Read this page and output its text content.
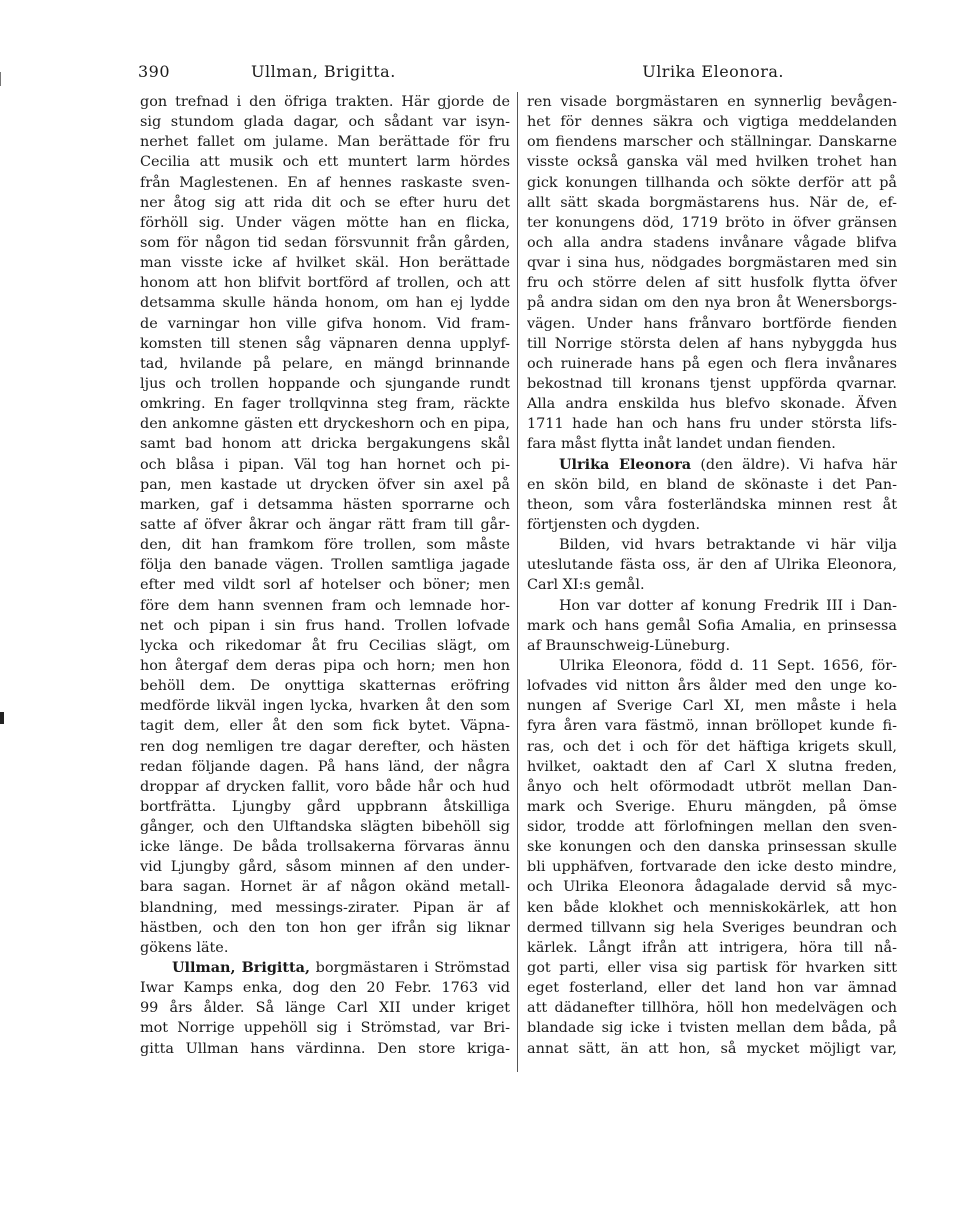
390	Ullman, Brigitta.	Ulrika Eleonora.
gon trefnad i den öfriga trakten. Här gjorde de
sig stundom glada dagar, och sådant var isyn-
nerhet fallet om julame. Man berättade för fru
Cecilia att musik och ett muntert larm hördes
från Maglestenen. En af hennes raskaste sven-
ner åtog sig att rida dit och se efter huru det
förhöll sig. Under vägen mötte han en flicka,
som för någon tid sedan försvunnit från gården,
man visste icke af hvilket skäl. Hon berättade
honom att hon blifvit bortförd af trollen, och att
detsamma skulle hända honom, om han ej lydde
de varningar hon ville gifva honom. Vid fram-
komsten till stenen såg väpnaren denna upplyf-
tad, hvilande på pelare, en mängd brinnande
ljus och trollen hoppande och sjungande rundt
omkring. En fager trollqvinna steg fram, räckte
den ankomne gästen ett dryckeshorn och en pipa,
samt bad honom att dricka bergakungens skål
och blåsa i pipan. Väl tog han hornet och pi-
pan, men kastade ut drycken öfver sin axel på
marken, gaf i detsamma hästen sporrarne och
satte af öfver åkrar och ängar rätt fram till går-
den, dit han framkom före trollen, som måste
följa den banade vägen. Trollen samtliga jagade
efter med vildt sorl af hotelser och böner; men
före dem hann svennen fram och lemnade hor-
net och pipan i sin frus hand. Trollen lofvade
lycka och rikedomar åt fru Cecilias slägt, om
hon återgaf dem deras pipa och horn; men hon
behöll dem. De onyttiga skatternas eröfring
medförde likväl ingen lycka, hvarken åt den som
tagit dem, eller åt den som fick bytet. Väpna-
ren dog nemligen tre dagar derefter, och hästen
redan följande dagen. På hans länd, der några
droppar af drycken fallit, voro både hår och hud
bortfrätta. Ljungby gård uppbrann åtskilliga
gånger, och den Ulftandska slägten bibehöll sig
icke länge. De båda trollsakerna förvaras ännu
vid Ljungby gård, såsom minnen af den under-
bara sagan. Hornet är af någon okänd metall-
blandning, med messings-zirater. Pipan är af
hästben, och den ton hon ger ifrån sig liknar
gökens läte.
Ullman, Brigitta, borgmästaren i Strömstad
Iwar Kamps enka, dog den 20 Febr. 1763 vid
99 års ålder. Så länge Carl XII under kriget
mot Norrige uppehöll sig i Strömstad, var Bri-
gitta Ullman hans värdinna. Den store kriga-
ren visade borgmästaren en synnerlig bevågen-
het för dennes säkra och vigtiga meddelanden
om fiendens marscher och ställningar. Danskarne
visste också ganska väl med hvilken trohet han
gick konungen tillhanda och sökte derför att på
allt sätt skada borgmästarens hus. När de, ef-
ter konungens död, 1719 bröto in öfver gränsen
och alla andra stadens invånare vågade blifva
qvar i sina hus, nödgades borgmästaren med sin
fru och större delen af sitt husfolk flytta öfver
på andra sidan om den nya bron åt Wenersborgs-
vägen. Under hans frånvaro bortförde fienden
till Norrige största delen af hans nybyggda hus
och ruinerade hans på egen och flera invånares
bekostnad till kronans tjenst uppförda qvarnar.
Alla andra enskilda hus blefvo skonade. Äfven
1711 hade han och hans fru under största lifs-
fara måst flytta inåt landet undan fienden.
Ulrika Eleonora (den äldre). Vi hafva här
en skön bild, en bland de skönaste i det Pan-
theon, som våra fosterländska minnen rest åt
förtjensten och dygden.
Bilden, vid hvars betraktande vi här vilja
uteslutande fästa oss, är den af Ulrika Eleonora,
Carl XI:s gemål.
Hon var dotter af konung Fredrik III i Dan-
mark och hans gemål Sofia Amalia, en prinsessa
af Braunschweig-Lüneburg.
Ulrika Eleonora, född d. 11 Sept. 1656, för-
lofvades vid nitton års ålder med den unge ko-
nungen af Sverige Carl XI, men måste i hela
fyra åren vara fästmö, innan bröllopet kunde fi-
ras, och det i och för det häftiga krigets skull,
hvilket, oaktadt den af Carl X slutna freden,
ånyo och helt oförmodadt utbröt mellan Dan-
mark och Sverige. Ehuru mängden, på ömse
sidor, trodde att förlofningen mellan den sven-
ske konungen och den danska prinsessan skulle
bli upphäfven, fortvarade den icke desto mindre,
och Ulrika Eleonora ådagalade dervid så myc-
ken både klokhet och menniskokärlek, att hon
dermed tillvann sig hela Sveriges beundran och
kärlek. Långt ifrån att intrigera, höra till nå-
got parti, eller visa sig partisk för hvarken sitt
eget fosterland, eller det land hon var ämnad
att dädanefter tillhöra, höll hon medelvägen och
blandade sig icke i tvisten mellan dem båda, på
annat sätt, än att hon, så mycket möjligt var,
